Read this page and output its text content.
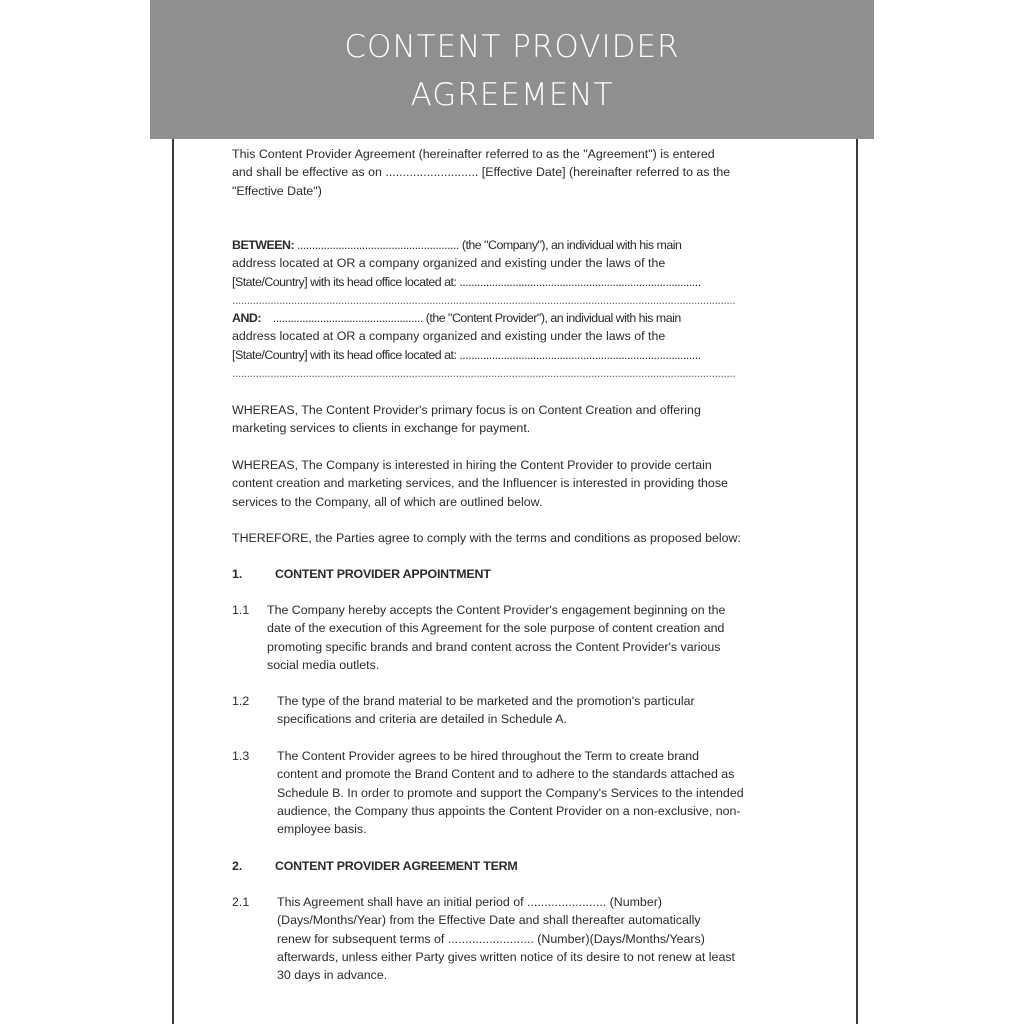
CONTENT PROVIDER
AGREEMENT
This Content Provider Agreement (hereinafter referred to as the "Agreement") is entered
and shall be effective as on ........................... [Effective Date] (hereinafter referred to as the
"Effective Date")
BETWEEN: ....................................................... (the "Company"), an individual with his main
address located at OR a company organized and existing under the laws of the
[State/Country] with its head office located at: ..................................................................................
...........................................................................................................................................................................
AND:    ................................................... (the "Content Provider"), an individual with his main
address located at OR a company organized and existing under the laws of the
[State/Country] with its head office located at: ..................................................................................
...........................................................................................................................................................................
WHEREAS, The Content Provider's primary focus is on Content Creation and offering
marketing services to clients in exchange for payment.
WHEREAS, The Company is interested in hiring the Content Provider to provide certain
content creation and marketing services, and the Influencer is interested in providing those
services to the Company, all of which are outlined below.
THEREFORE, the Parties agree to comply with the terms and conditions as proposed below:
1.	CONTENT PROVIDER APPOINTMENT
1.1 The Company hereby accepts the Content Provider's engagement beginning on the
date of the execution of this Agreement for the sole purpose of content creation and
promoting specific brands and brand content across the Content Provider's various
social media outlets.
1.2 The type of the brand material to be marketed and the promotion's particular
specifications and criteria are detailed in Schedule A.
1.3 The Content Provider agrees to be hired throughout the Term to create brand
content and promote the Brand Content and to adhere to the standards attached as
Schedule B. In order to promote and support the Company's Services to the intended
audience, the Company thus appoints the Content Provider on a non-exclusive, non-
employee basis.
2.	CONTENT PROVIDER AGREEMENT TERM
2.1 This Agreement shall have an initial period of ....................... (Number)
(Days/Months/Year) from the Effective Date and shall thereafter automatically
renew for subsequent terms of ......................... (Number)(Days/Months/Years)
afterwards, unless either Party gives written notice of its desire to not renew at least
30 days in advance.
